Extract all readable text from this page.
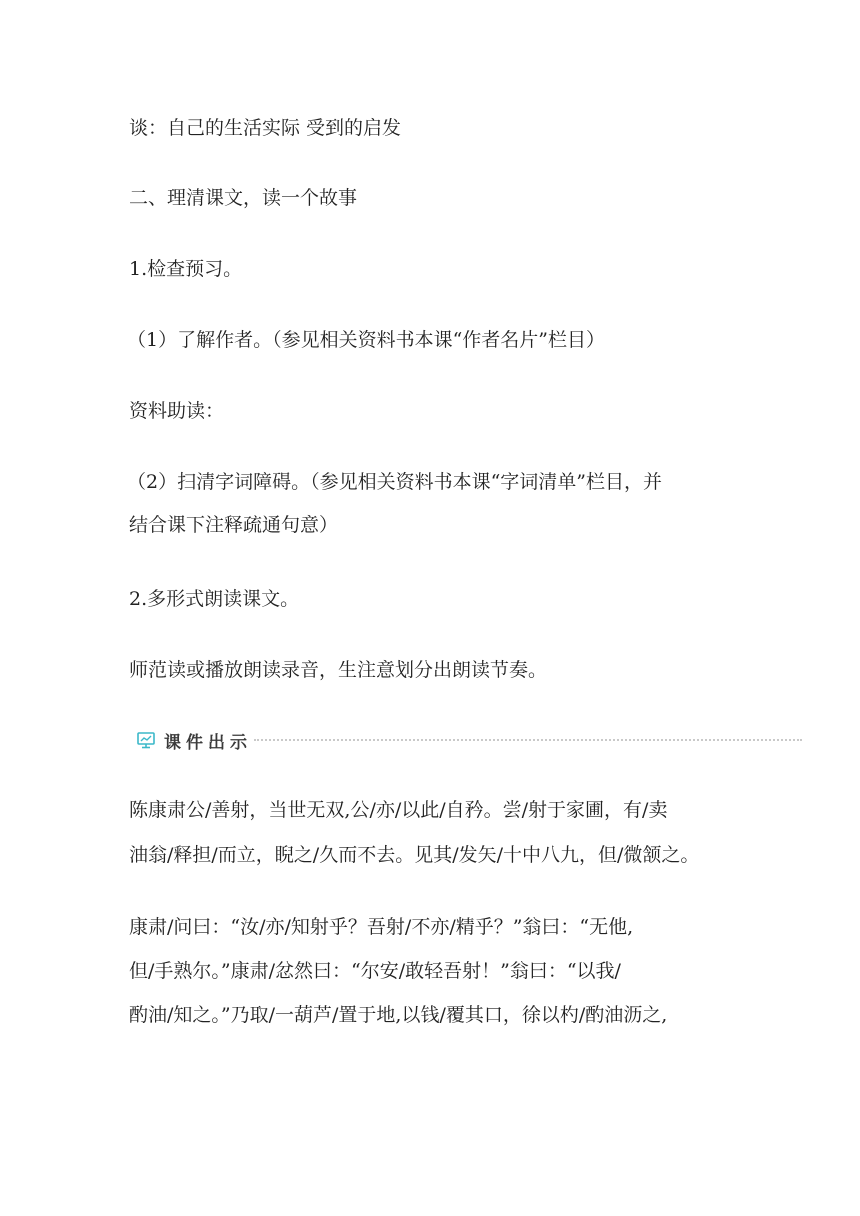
谈：自己的生活实际 受到的启发

二、理清课文，读一个故事

1.检查预习。

（1）了解作者。（参见相关资料书本课“作者名片”栏目）

资料助读：

（2）扫清字词障碍。（参见相关资料书本课“字词清单”栏目，并

结合课下注释疏通句意）

2.多形式朗读课文。

师范读或播放朗读录音，生注意划分出朗读节奏。

课件出示

陈康肃公/善射，当世无双,公/亦/以此/自矜。尝/射于家圃，有/卖

油翁/释担/而立，睨之/久而不去。见其/发矢/十中八九，但/微颔之。

康肃/问曰：“汝/亦/知射乎？吾射/不亦/精乎？”翁曰：“无他,

但/手熟尔。”康肃/忿然曰：“尔安/敢轻吾射！”翁曰：“以我/

酌油/知之。”乃取/一葫芦/置于地,以钱/覆其口，徐以杓/酌油沥之,
